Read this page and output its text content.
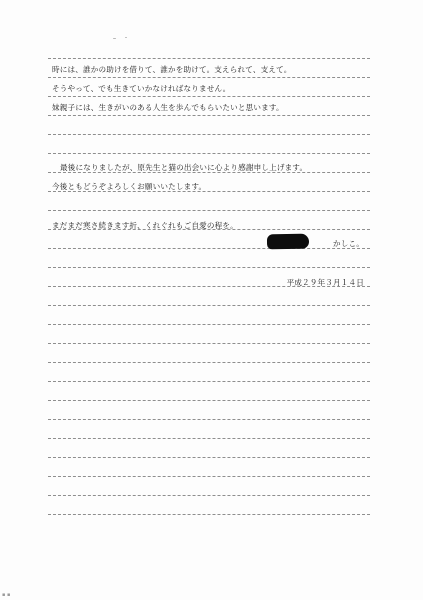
時には、誰かの助けを借りて、誰かを助けて。支えられて、支えて。
そうやって、でも生きていかなければなりません。
妹親子には、生きがいのある人生を歩んでもらいたいと思います。
最後になりましたが、原先生と猫の出会いに心より感謝申し上げます。
今後ともどうぞよろしくお願いいたします。
まだまだ寒さ続きます折、くれぐれもご自愛の程を。
かしこ。
平成２９年３月１４日
▪ ▪
